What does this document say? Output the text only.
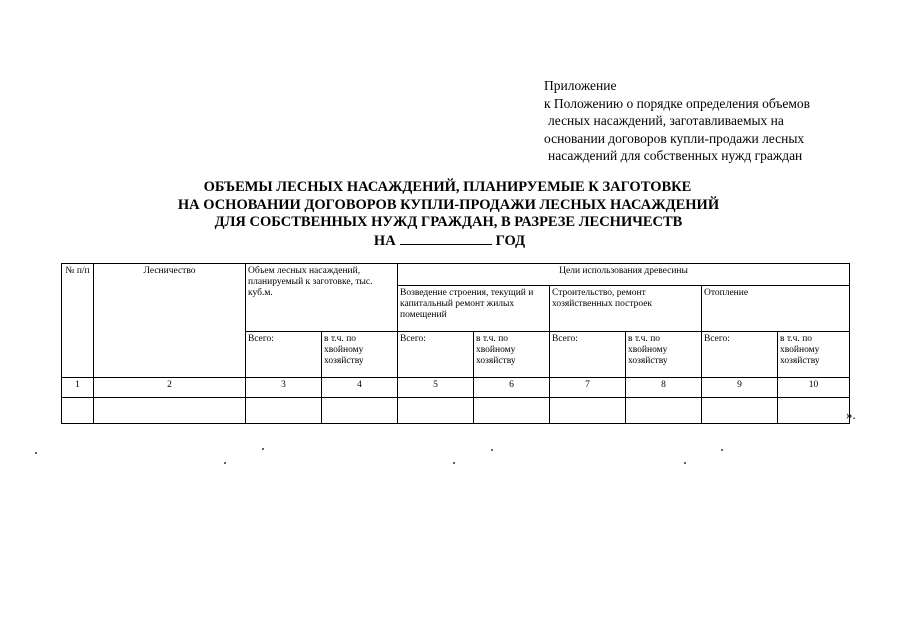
Приложение
к Положению о порядке определения объемов
лесных насаждений, заготавливаемых на
основании договоров купли-продажи лесных
насаждений для собственных нужд граждан
ОБЪЕМЫ ЛЕСНЫХ НАСАЖДЕНИЙ, ПЛАНИРУЕМЫЕ К ЗАГОТОВКЕ
НА ОСНОВАНИИ ДОГОВОРОВ КУПЛИ-ПРОДАЖИ ЛЕСНЫХ НАСАЖДЕНИЙ
ДЛЯ СОБСТВЕННЫХ НУЖД ГРАЖДАН, В РАЗРЕЗЕ ЛЕСНИЧЕСТВ
НА	ГОД
№ п/п	Лесничество	Объем лесных насаждений, планируемый к заготовке, тыс. куб.м.		Цели использования древесины					
				Возведение строения, текущий и капитальный ремонт жилых помещений		Строительство, ремонт хозяйственных построек		Отопление	
		Всего:	в т.ч. по хвойному хозяйству	Всего:	в т.ч. по хвойному хозяйству	Всего:	в т.ч. по хвойному хозяйству	Всего:	в т.ч. по хвойному хозяйству
1	2	3	4	5	6	7	8	9	10

».
